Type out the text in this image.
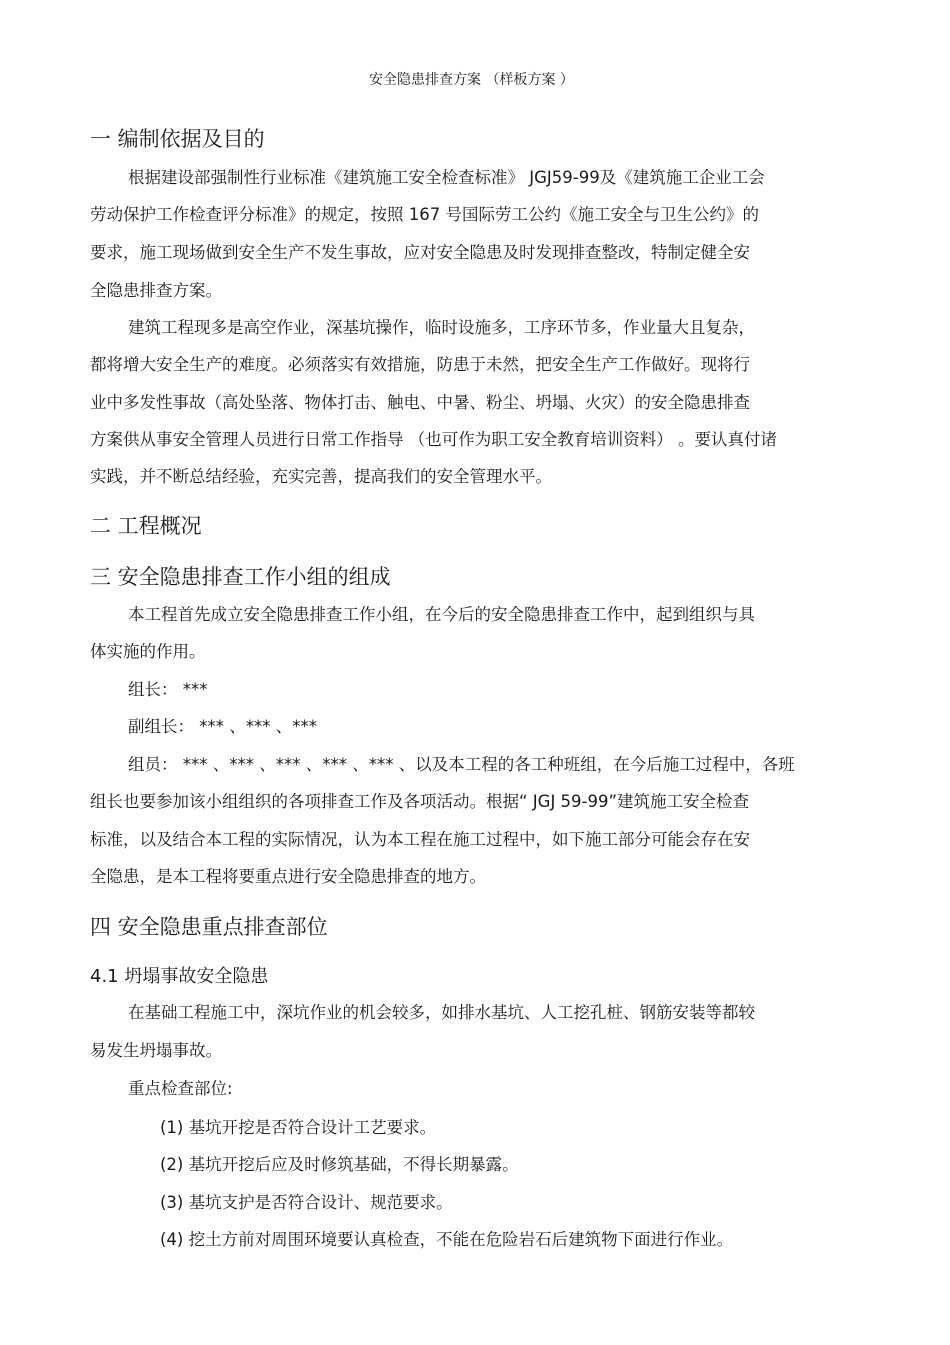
安全隐患排查方案 （样板方案 ）
一 编制依据及目的
根据建设部强制性行业标准《建筑施工安全检查标准》 JGJ59-99及《建筑施工企业工会
劳动保护工作检查评分标准》的规定，按照 167 号国际劳工公约《施工安全与卫生公约》的
要求，施工现场做到安全生产不发生事故，应对安全隐患及时发现排查整改，特制定健全安
全隐患排查方案。
建筑工程现多是高空作业，深基坑操作，临时设施多，工序环节多，作业量大且复杂，
都将增大安全生产的难度。必须落实有效措施，防患于未然，把安全生产工作做好。现将行
业中多发性事故（高处坠落、物体打击、触电、中暑、粉尘、坍塌、火灾）的安全隐患排查
方案供从事安全管理人员进行日常工作指导 （也可作为职工安全教育培训资料） 。要认真付诸
实践，并不断总结经验，充实完善，提高我们的安全管理水平。
二 工程概况
三 安全隐患排查工作小组的组成
本工程首先成立安全隐患排查工作小组，在今后的安全隐患排查工作中，起到组织与具
体实施的作用。
组长： ***
副组长： *** 、*** 、***
组员： *** 、*** 、*** 、*** 、*** 、以及本工程的各工种班组，在今后施工过程中，各班
组长也要参加该小组组织的各项排查工作及各项活动。根据“ JGJ 59-99”建筑施工安全检查
标准，以及结合本工程的实际情况，认为本工程在施工过程中，如下施工部分可能会存在安
全隐患，是本工程将要重点进行安全隐患排查的地方。
四 安全隐患重点排查部位
4.1 坍塌事故安全隐患
在基础工程施工中，深坑作业的机会较多，如排水基坑、人工挖孔桩、钢筋安装等都较
易发生坍塌事故。
重点检查部位:
(1) 基坑开挖是否符合设计工艺要求。
(2) 基坑开挖后应及时修筑基础，不得长期暴露。
(3) 基坑支护是否符合设计、规范要求。
(4) 挖土方前对周围环境要认真检查，不能在危险岩石后建筑物下面进行作业。
